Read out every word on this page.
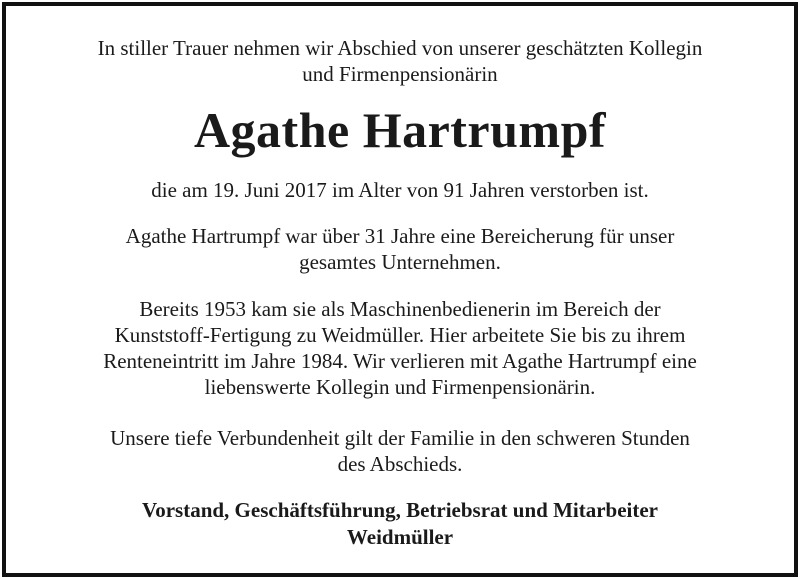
In stiller Trauer nehmen wir Abschied von unserer geschätzten Kollegin
und Firmenpensionärin
Agathe Hartrumpf
die am 19. Juni 2017 im Alter von 91 Jahren verstorben ist.
Agathe Hartrumpf war über 31 Jahre eine Bereicherung für unser
gesamtes Unternehmen.
Bereits 1953 kam sie als Maschinenbedienerin im Bereich der
Kunststoff-Fertigung zu Weidmüller. Hier arbeitete Sie bis zu ihrem
Renteneintritt im Jahre 1984. Wir verlieren mit Agathe Hartrumpf eine
liebenswerte Kollegin und Firmenpensionärin.
Unsere tiefe Verbundenheit gilt der Familie in den schweren Stunden
des Abschieds.
Vorstand, Geschäftsführung, Betriebsrat und Mitarbeiter
Weidmüller
